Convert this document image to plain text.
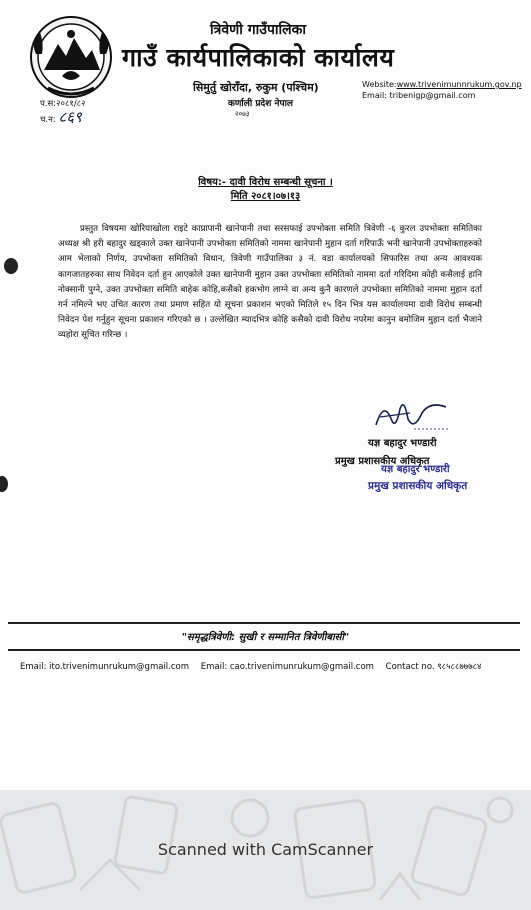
त्रिवेणी गाउँपालिका
गाउँ कार्यपालिकाको कार्यालय
सिमुर्तु खोराँदा, रुकुम (पश्चिम)
कर्णाली प्रदेश नेपाल
२०७३
Website:www.trivenimunnrukum.gov.np
Email: tribenigp@gmail.com
प.स:२०८१/८२
च.न: ८६९
विषय:- दावी विरोध सम्बन्धी सूचना ।
मिति २०८१।०७।१३

प्रस्तुत विषयमा खोरियाखोला राइटे काप्रापानी खानेपानी तथा सरसफाई उपभोक्ता समिति त्रिवेणी -६ कुरल उपभोक्ता समितिका अध्यक्ष श्री हरी बहादुर खड्काले उक्त खानेपानी उपभोक्ता समितिको नाममा खानेपानी मुहान दर्ता गरिपाऊँ भनी खानेपानी उपभोक्ताहरुको आम भेलाको निर्णय, उपभोक्ता समितिको विधान, त्रिवेणी गाउँपालिका ३ नं. वडा कार्यालयको सिफारिस तथा अन्य आवश्यक कागजातहरुका साथ निवेदन दर्ता हुन आएकोले उक्त खानेपानी मुहान उक्त उपभोक्ता समितिको नाममा दर्ता गरिदिमा कोही कसैलाई हानि नोक्सानी पुग्ने, उक्त उपभोक्ता समिति बाहेक कोहि,कसैको हकभोग लाग्ने वा अन्य कुनै कारणले उपभोक्ता समितिको नाममा मुहान दर्ता गर्न नमिल्ने भए उचित कारण तथा प्रमाण सहित यो सूचना प्रकाशन भएको मितिले १५ दिन भित्र यस कार्यालयमा दावी विरोध सम्बन्धी निवेदन पेश गर्नुहुन सूचना प्रकाशन गरिएको छ । उल्लेखित म्यादभित्र कोहि कसैको दावी विरोध नपरेमा कानुन बमोजिम मुहान दर्ता भैजाने व्यहोरा सूचित गरिन्छ ।

यज्ञ बहादुर भण्डारी
प्रमुख प्रशासकीय अधिकृत
यज्ञ बहादुर भण्डारी
प्रमुख प्रशासकीय अधिकृत
"समृद्धत्रिवेणी: सुखी र सम्मानित त्रिवेणीबासी"
Email: ito.trivenimunrukum@gmail.com Email: cao.trivenimunrukum@gmail.com Contact no. ९८५८८७७७८४
Scanned with CamScanner
